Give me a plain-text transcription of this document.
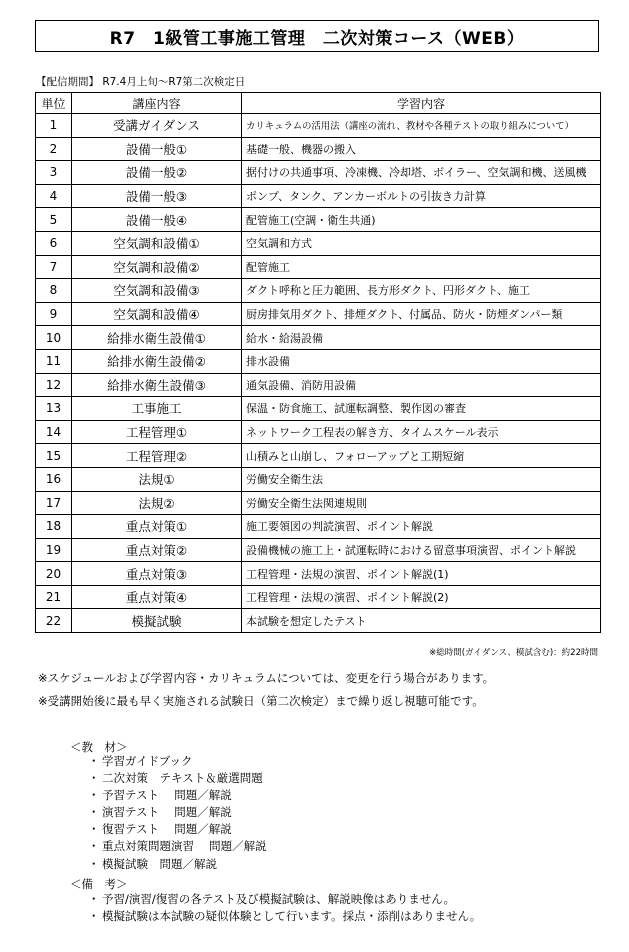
R7　1級管工事施工管理　二次対策コース（WEB）
【配信期間】 R7.4月上旬～R7第二次検定日
単位	講座内容	学習内容
1	受講ガイダンス	カリキュラムの活用法（講座の流れ、教材や各種テストの取り組みについて）
2	設備一般①	基礎一般、機器の搬入
3	設備一般②	据付けの共通事項、冷凍機、冷却塔、ボイラー、空気調和機、送風機
4	設備一般③	ポンプ、タンク、アンカーボルトの引抜き力計算
5	設備一般④	配管施工(空調・衛生共通)
6	空気調和設備①	空気調和方式
7	空気調和設備②	配管施工
8	空気調和設備③	ダクト呼称と圧力範囲、長方形ダクト、円形ダクト、施工
9	空気調和設備④	厨房排気用ダクト、排煙ダクト、付属品、防火・防煙ダンパー類
10	給排水衛生設備①	給水・給湯設備
11	給排水衛生設備②	排水設備
12	給排水衛生設備③	通気設備、消防用設備
13	工事施工	保温・防食施工、試運転調整、製作図の審査
14	工程管理①	ネットワーク工程表の解き方、タイムスケール表示
15	工程管理②	山積みと山崩し、フォローアップと工期短縮
16	法規①	労働安全衛生法
17	法規②	労働安全衛生法関連規則
18	重点対策①	施工要領図の判読演習、ポイント解説
19	重点対策②	設備機械の施工上・試運転時における留意事項演習、ポイント解説
20	重点対策③	工程管理・法規の演習、ポイント解説(1)
21	重点対策④	工程管理・法規の演習、ポイント解説(2)
22	模擬試験	本試験を想定したテスト
※総時間(ガイダンス、模試含む)：約22時間
※スケジュールおよび学習内容・カリキュラムについては、変更を行う場合があります。
※受講開始後に最も早く実施される試験日（第二次検定）まで繰り返し視聴可能です。
＜教　材＞
・ 学習ガイドブック
・ 二次対策　テキスト＆厳選問題
・ 予習テスト　 問題／解説
・ 演習テスト　 問題／解説
・ 復習テスト　 問題／解説
・ 重点対策問題演習　 問題／解説
・ 模擬試験　問題／解説
＜備　考＞
・ 予習/演習/復習の各テスト及び模擬試験は、解説映像はありません。
・ 模擬試験は本試験の疑似体験として行います。採点・添削はありません。
